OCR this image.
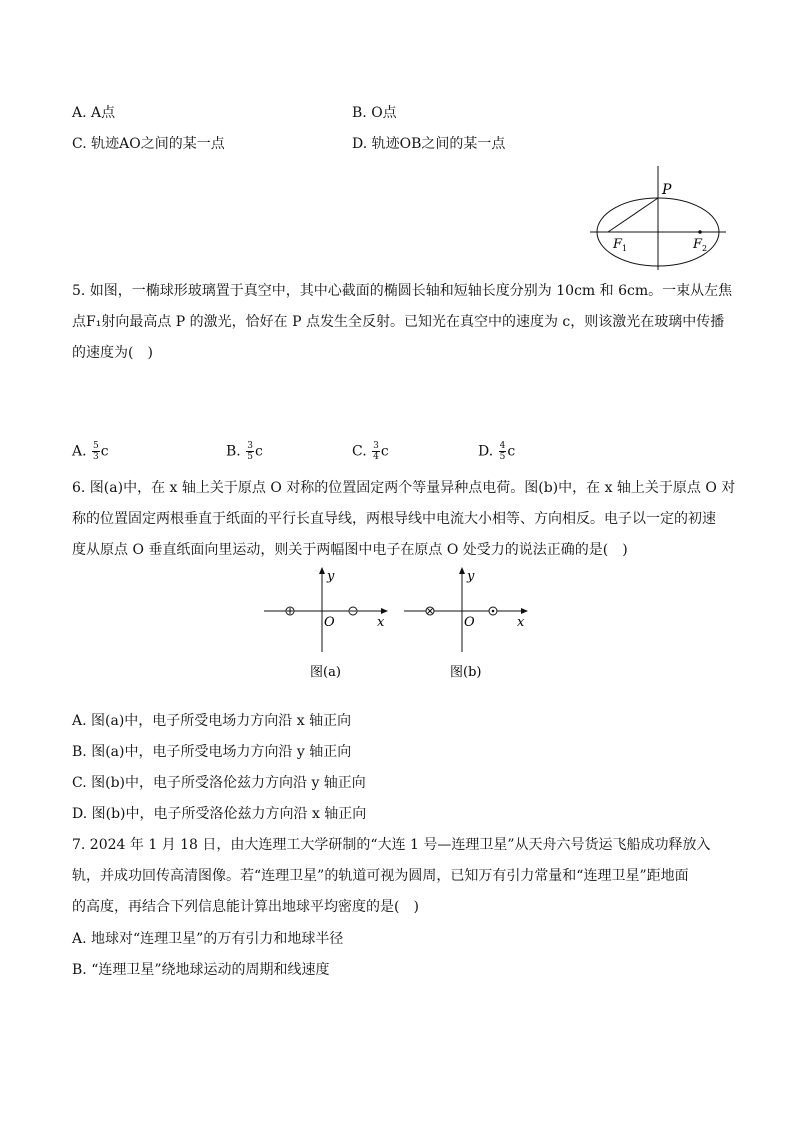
A. A点	B. O点
C. 轨迹AO之间的某一点	D. 轨迹OB之间的某一点
P
$F_1$	$F_2$
5. 如图，一椭球形玻璃置于真空中，其中心截面的椭圆长轴和短轴长度分别为 10cm 和 6cm。一束从左焦
点F₁射向最高点 P 的激光，恰好在 P 点发生全反射。已知光在真空中的速度为 c，则该激光在玻璃中传播
的速度为(　)
A. $\frac{5}{3}$ c	B. $\frac{3}{5}$ c	C. $\frac{3}{4}$ c	D. $\frac{4}{5}$ c
6. 图(a)中，在 x 轴上关于原点 O 对称的位置固定两个等量异种点电荷。图(b)中，在 x 轴上关于原点 O 对
称的位置固定两根垂直于纸面的平行长直导线，两根导线中电流大小相等、方向相反。电子以一定的初速
度从原点 O 垂直纸面向里运动，则关于两幅图中电子在原点 O 处受力的说法正确的是(　)
y
O	x
图(a)
y
O	x
图(b)
A. 图(a)中，电子所受电场力方向沿 x 轴正向
B. 图(a)中，电子所受电场力方向沿 y 轴正向
C. 图(b)中，电子所受洛伦兹力方向沿 y 轴正向
D. 图(b)中，电子所受洛伦兹力方向沿 x 轴正向
7. 2024 年 1 月 18 日，由大连理工大学研制的“大连 1 号—连理卫星”从天舟六号货运飞船成功释放入
轨，并成功回传高清图像。若“连理卫星”的轨道可视为圆周，已知万有引力常量和“连理卫星”距地面
的高度，再结合下列信息能计算出地球平均密度的是(　)
A. 地球对“连理卫星”的万有引力和地球半径
B. “连理卫星”绕地球运动的周期和线速度
